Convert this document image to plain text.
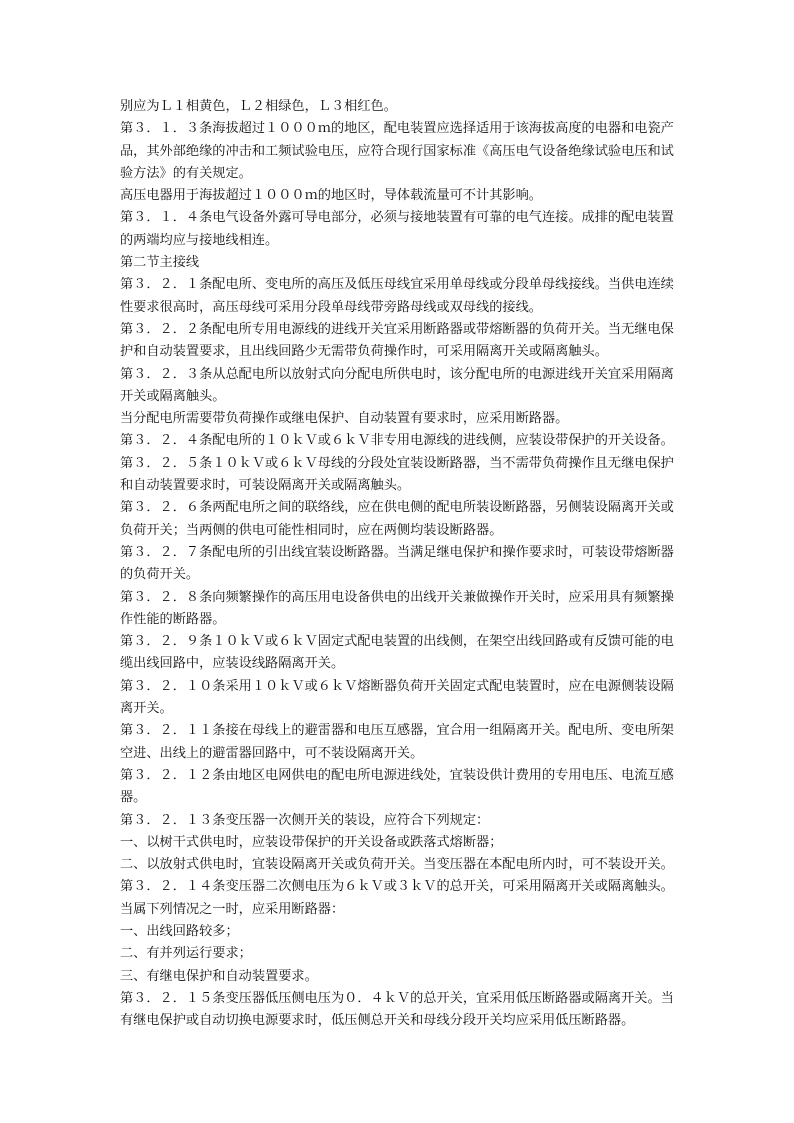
别应为Ｌ１相黄色，Ｌ２相绿色，Ｌ３相红色。

第３．１．３条海拔超过１０００ｍ的地区，配电装置应选择适用于该海拔高度的电器和电瓷产品，其外部绝缘的冲击和工频试验电压，应符合现行国家标准《高压电气设备绝缘试验电压和试验方法》的有关规定。

高压电器用于海拔超过１０００ｍ的地区时，导体载流量可不计其影响。

第３．１．４条电气设备外露可导电部分，必须与接地装置有可靠的电气连接。成排的配电装置的两端均应与接地线相连。

第二节主接线

第３．２．１条配电所、变电所的高压及低压母线宜采用单母线或分段单母线接线。当供电连续性要求很高时，高压母线可采用分段单母线带旁路母线或双母线的接线。

第３．２．２条配电所专用电源线的进线开关宜采用断路器或带熔断器的负荷开关。当无继电保护和自动装置要求，且出线回路少无需带负荷操作时，可采用隔离开关或隔离触头。

第３．２．３条从总配电所以放射式向分配电所供电时，该分配电所的电源进线开关宜采用隔离开关或隔离触头。

当分配电所需要带负荷操作或继电保护、自动装置有要求时，应采用断路器。

第３．２．４条配电所的１０ｋＶ或６ｋＶ非专用电源线的进线侧，应装设带保护的开关设备。

第３．２．５条１０ｋＶ或６ｋＶ母线的分段处宜装设断路器，当不需带负荷操作且无继电保护和自动装置要求时，可装设隔离开关或隔离触头。

第３．２．６条两配电所之间的联络线，应在供电侧的配电所装设断路器，另侧装设隔离开关或负荷开关；当两侧的供电可能性相同时，应在两侧均装设断路器。

第３．２．７条配电所的引出线宜装设断路器。当满足继电保护和操作要求时，可装设带熔断器的负荷开关。

第３．２．８条向频繁操作的高压用电设备供电的出线开关兼做操作开关时，应采用具有频繁操作性能的断路器。

第３．２．９条１０ｋＶ或６ｋＶ固定式配电装置的出线侧，在架空出线回路或有反馈可能的电缆出线回路中，应装设线路隔离开关。

第３．２．１０条采用１０ｋＶ或６ｋＶ熔断器负荷开关固定式配电装置时，应在电源侧装设隔离开关。

第３．２．１１条接在母线上的避雷器和电压互感器，宜合用一组隔离开关。配电所、变电所架空进、出线上的避雷器回路中，可不装设隔离开关。

第３．２．１２条由地区电网供电的配电所电源进线处，宜装设供计费用的专用电压、电流互感器。

第３．２．１３条变压器一次侧开关的装设，应符合下列规定：

一、以树干式供电时，应装设带保护的开关设备或跌落式熔断器；

二、以放射式供电时，宜装设隔离开关或负荷开关。当变压器在本配电所内时，可不装设开关。

第３．２．１４条变压器二次侧电压为６ｋＶ或３ｋＶ的总开关，可采用隔离开关或隔离触头。当属下列情况之一时，应采用断路器：

一、出线回路较多；

二、有并列运行要求；

三、有继电保护和自动装置要求。

第３．２．１５条变压器低压侧电压为０．４ｋＶ的总开关，宜采用低压断路器或隔离开关。当有继电保护或自动切换电源要求时，低压侧总开关和母线分段开关均应采用低压断路器。
